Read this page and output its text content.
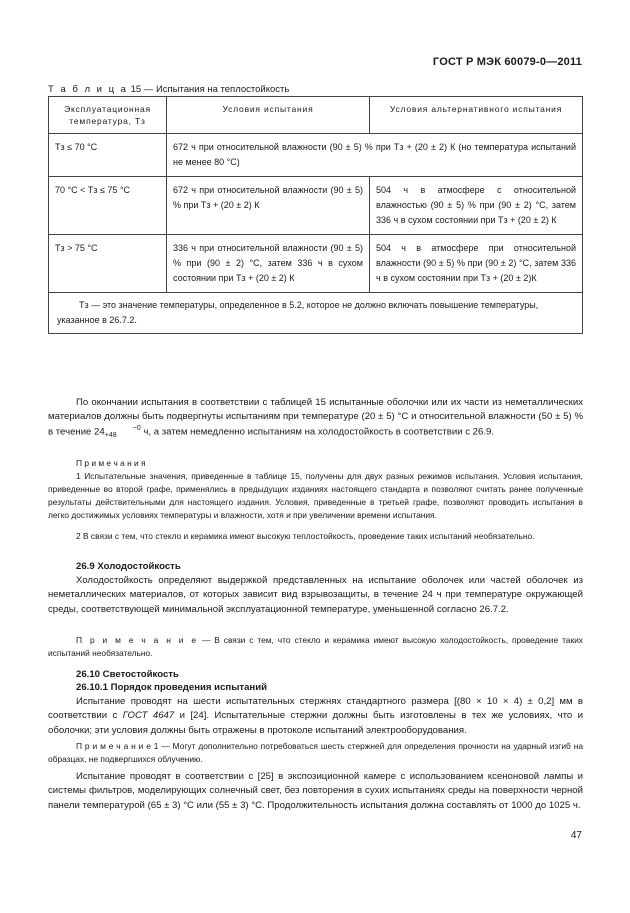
ГОСТ Р МЭК 60079-0—2011
Т а б л и ц а 15 — Испытания на теплостойкость
Эксплуатационная температура, Tз	Условия испытания	Условия альтернативного испытания
Tз ≤ 70 °С	672 ч при относительной влажности (90 ± 5) % при Tз + (20 ± 2) К (но температура испытаний не менее 80 °С)	
70 °С < Tз ≤ 75 °С	672 ч при относительной влажности (90 ± 5) % при Tз + (20 ± 2) К	504 ч в атмосфере с относительной влажностью (90 ± 5) % при (90 ± 2) °С, затем 336 ч в сухом состоянии при Tз + (20 ± 2) К
Tз > 75 °С	336 ч при относительной влажности (90 ± 5) % при (90 ± 2) °С, затем 336 ч в сухом состоянии при Tз + (20 ± 2) К	504 ч в атмосфере при относительной влажности (90 ± 5) % при (90 ± 2) °С, затем 336 ч в сухом состоянии при Tз + (20 ± 2)К
Tз — это значение температуры, определенное в 5.2, которое не должно включать повышение температуры, указанное в 26.7.2.		

По окончании испытания в соответствии с таблицей 15 испытанные оболочки или их части из неметаллических материалов должны быть подвергнуты испытаниям при температуре (20 ± 5) °С и относительной влажности (50 ± 5) % в течение 24	−0
+48	ч, а затем немедленно испытаниям на холодостойкость в соответствии с 26.9.

П р и м е ч а н и я

1 Испытательные значения, приведенные в таблице 15, получены для двух разных режимов испытания. Условия испытания, приведенные во второй графе, применялись в предыдущих изданиях настоящего стандарта и позволяют считать ранее полученные результаты действительными для настоящего издания. Условия, приведенные в третьей графе, позволяют проводить испытания в легко достижимых условиях температуры и влажности, хотя и при увеличении времени испытания.

2 В связи с тем, что стекло и керамика имеют высокую теплостойкость, проведение таких испытаний необязательно.

26.9 Холодостойкость

Холодостойкость определяют выдержкой представленных на испытание оболочек или частей оболочек из неметаллических материалов, от которых зависит вид взрывозащиты, в течение 24 ч при температуре окружающей среды, соответствующей минимальной эксплуатационной температуре, уменьшенной согласно 26.7.2.

П р и м е ч а н и е — В связи с тем, что стекло и керамика имеют высокую холодостойкость, проведение таких испытаний необязательно.

26.10 Светостойкость

26.10.1 Порядок проведения испытаний

Испытание проводят на шести испытательных стержнях стандартного размера [(80 × 10 × 4) ± 0,2] мм в соответствии с ГОСТ 4647 и [24]. Испытательные стержни должны быть изготовлены в тех же условиях, что и оболочки; эти условия должны быть отражены в протоколе испытаний электрооборудования.

П р и м е ч а н и е 1 — Могут дополнительно потребоваться шесть стержней для определения прочности на ударный изгиб на образцах, не подвергшихся облучению.

Испытание проводят в соответствии с [25] в экспозиционной камере с использованием ксеноновой лампы и системы фильтров, моделирующих солнечный свет, без повторения в сухих испытаниях среды на поверхности черной панели температурой (65 ± 3) °С или (55 ± 3) °С. Продолжительность испытания должна составлять от 1000 до 1025 ч.

47
